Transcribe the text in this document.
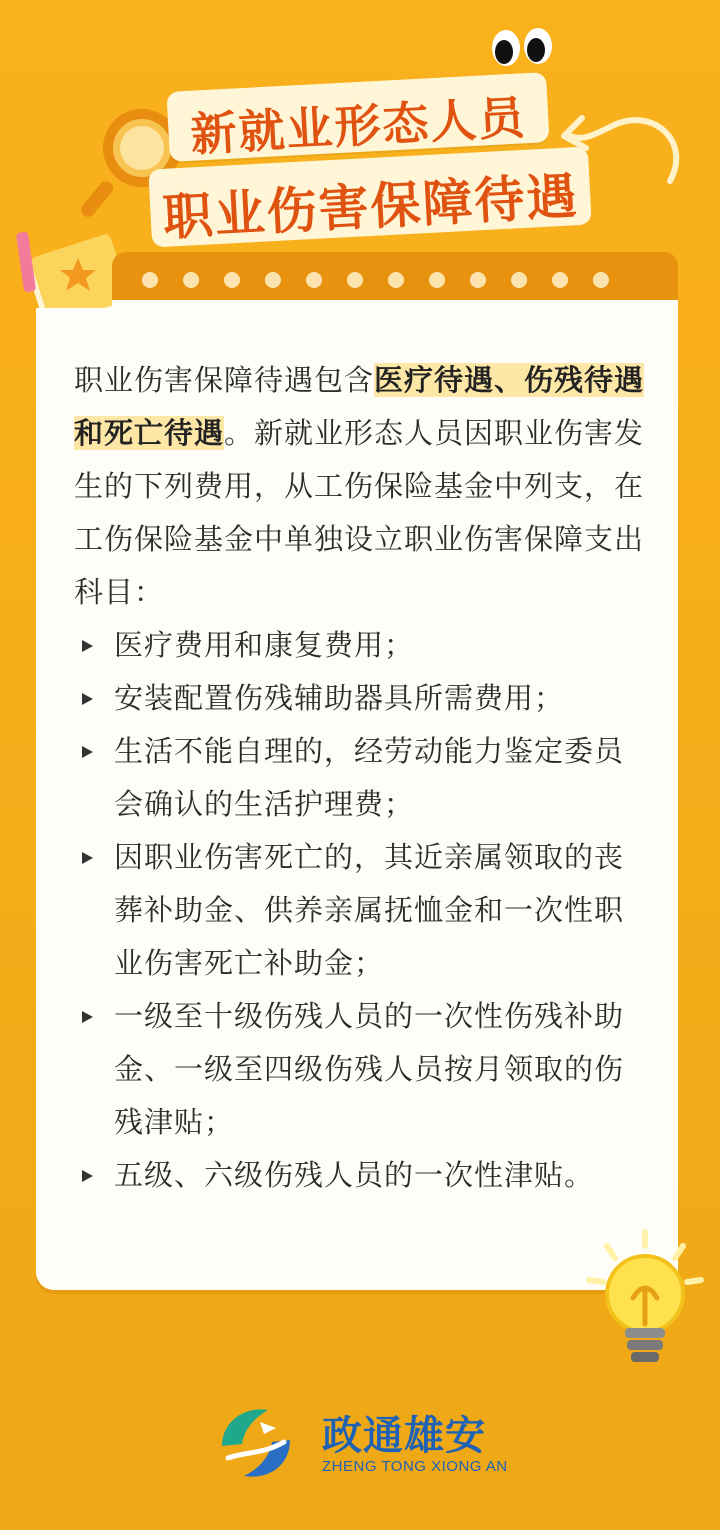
新就业形态人员
职业伤害保障待遇

职业伤害保障待遇包含医疗待遇、伤残待遇和死亡待遇。新就业形态人员因职业伤害发生的下列费用，从工伤保险基金中列支，在工伤保险基金中单独设立职业伤害保障支出科目：

医疗费用和康复费用；
安装配置伤残辅助器具所需费用；
生活不能自理的，经劳动能力鉴定委员会确认的生活护理费；
因职业伤害死亡的，其近亲属领取的丧葬补助金、供养亲属抚恤金和一次性职业伤害死亡补助金；
一级至十级伤残人员的一次性伤残补助金、一级至四级伤残人员按月领取的伤残津贴；
五级、六级伤残人员的一次性津贴。
政通雄安
ZHENG TONG XIONG AN
